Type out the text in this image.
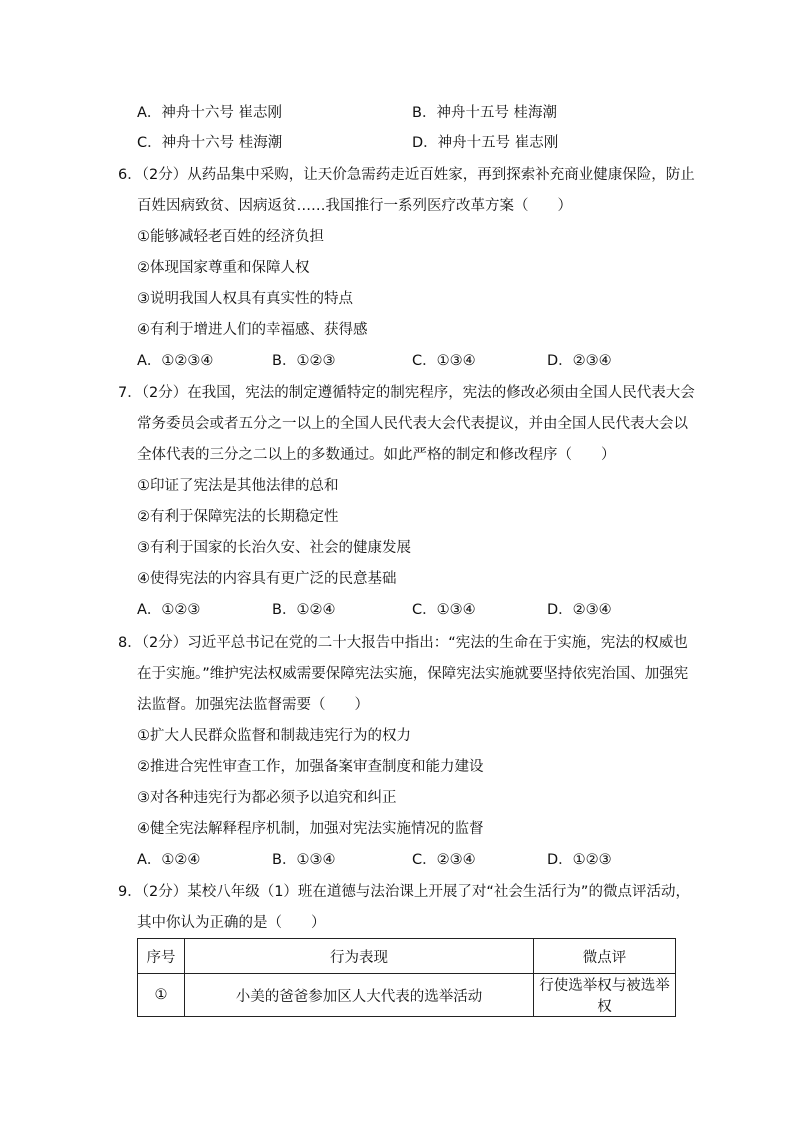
A．神舟十六号 崔志刚	B．神舟十五号 桂海潮
C．神舟十六号 桂海潮	D．神舟十五号 崔志刚
6．（2分）从药品集中采购，让天价急需药走近百姓家，再到探索补充商业健康保险，防止
百姓因病致贫、因病返贫……我国推行一系列医疗改革方案（　　）
①能够减轻老百姓的经济负担
②体现国家尊重和保障人权
③说明我国人权具有真实性的特点
④有利于增进人们的幸福感、获得感
A．①②③④	B．①②③	C．①③④	D．②③④
7．（2分）在我国，宪法的制定遵循特定的制宪程序，宪法的修改必须由全国人民代表大会
常务委员会或者五分之一以上的全国人民代表大会代表提议，并由全国人民代表大会以
全体代表的三分之二以上的多数通过。如此严格的制定和修改程序（　　）
①印证了宪法是其他法律的总和
②有利于保障宪法的长期稳定性
③有利于国家的长治久安、社会的健康发展
④使得宪法的内容具有更广泛的民意基础
A．①②③	B．①②④	C．①③④	D．②③④
8．（2分）习近平总书记在党的二十大报告中指出：“宪法的生命在于实施，宪法的权威也
在于实施。”维护宪法权威需要保障宪法实施，保障宪法实施就要坚持依宪治国、加强宪
法监督。加强宪法监督需要（　　）
①扩大人民群众监督和制裁违宪行为的权力
②推进合宪性审查工作，加强备案审查制度和能力建设
③对各种违宪行为都必须予以追究和纠正
④健全宪法解释程序机制，加强对宪法实施情况的监督
A．①②④	B．①③④	C．②③④	D．①②③
9．（2分）某校八年级（1）班在道德与法治课上开展了对“社会生活行为”的微点评活动，
其中你认为正确的是（　　）
序号	行为表现	微点评
①	小美的爸爸参加区人大代表的选举活动	行使选举权与被选举权
